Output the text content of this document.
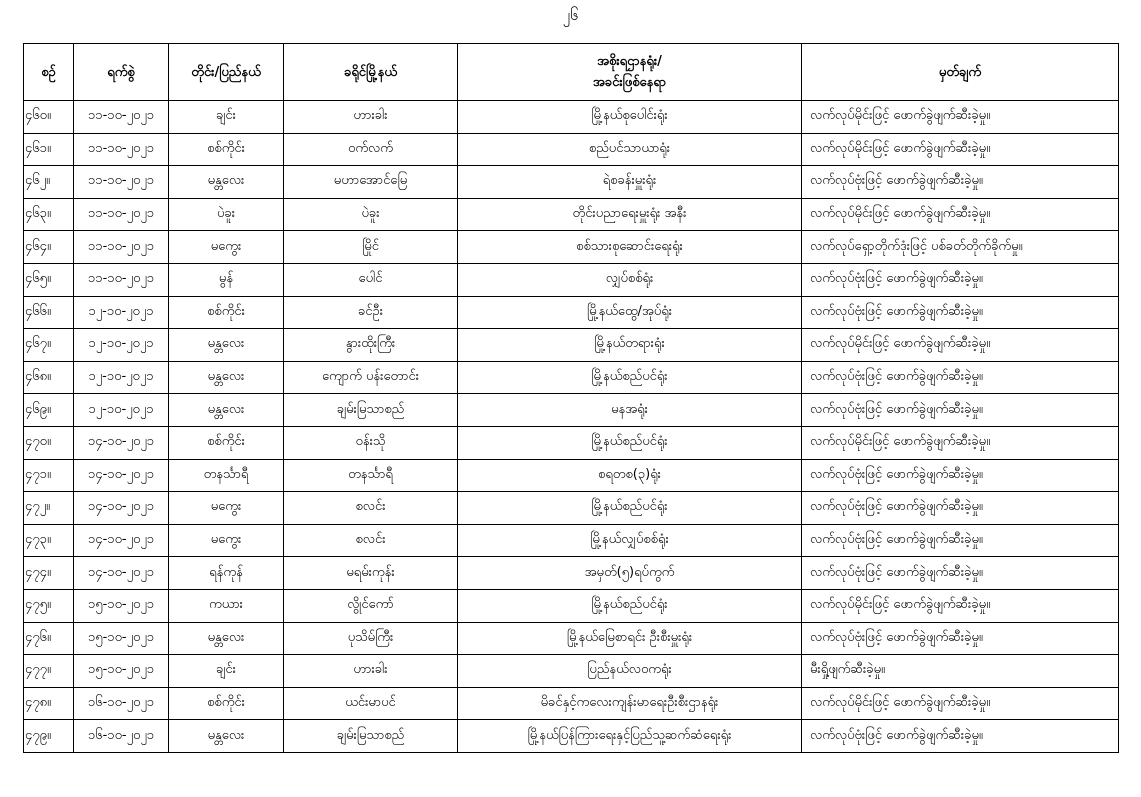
၂၆
စဉ်	ရက်စွဲ	တိုင်း/ပြည်နယ်	ခရိုင်မြို့နယ်	အစိုးရဌာနရုံး/
အခင်းဖြစ်နေရာ	မှတ်ချက်
၄၆၀။	၁၁-၁၀-၂၀၂၁	ချင်း	ဟားခါး	မြို့နယ်စုပေါင်းရုံး	လက်လုပ်မိုင်းဖြင့် ဖောက်ခွဲဖျက်ဆီးခဲ့မှု။
၄၆၁။	၁၁-၁၀-၂၀၂၁	စစ်ကိုင်း	ဝက်လက်	စည်ပင်သာယာရုံး	လက်လုပ်မိုင်းဖြင့် ဖောက်ခွဲဖျက်ဆီးခဲ့မှု။
၄၆၂။	၁၁-၁၀-၂၀၂၁	မန္တလေး	မဟာအောင်မြေ	ရဲစခန်းမှူးရုံး	လက်လုပ်ဗုံးဖြင့် ဖောက်ခွဲဖျက်ဆီးခဲ့မှု။
၄၆၃။	၁၁-၁၀-၂၀၂၁	ပဲခူး	ပဲခူး	တိုင်းပညာရေးမှူးရုံး အနီး	လက်လုပ်မိုင်းဖြင့် ဖောက်ခွဲဖျက်ဆီးခဲ့မှု။
၄၆၄။	၁၁-၁၀-၂၀၂၁	မကွေး	မြိုင်	စစ်သားစုဆောင်းရေးရုံး	လက်လုပ်ရှော့တိုက်ဒုံးဖြင့် ပစ်ခတ်တိုက်ခိုက်မှု။
၄၆၅။	၁၁-၁၀-၂၀၂၁	မွန်	ပေါင်	လျှပ်စစ်ရုံး	လက်လုပ်ဗုံးဖြင့် ဖောက်ခွဲဖျက်ဆီးခဲ့မှု။
၄၆၆။	၁၂-၁၀-၂၀၂၁	စစ်ကိုင်း	ခင်ဦး	မြို့နယ်ထွေ/အုပ်ရုံး	လက်လုပ်ဗုံးဖြင့် ဖောက်ခွဲဖျက်ဆီးခဲ့မှု။
၄၆၇။	၁၂-၁၀-၂၀၂၁	မန္တလေး	နွားထိုးကြီး	မြို့နယ်တရားရုံး	လက်လုပ်မိုင်းဖြင့် ဖောက်ခွဲဖျက်ဆီးခဲ့မှု။
၄၆၈။	၁၂-၁၀-၂၀၂၁	မန္တလေး	ကျောက် ပန်းတောင်း	မြို့နယ်စည်ပင်ရုံး	လက်လုပ်ဗုံးဖြင့် ဖောက်ခွဲဖျက်ဆီးခဲ့မှု။
၄၆၉။	၁၂-၁၀-၂၀၂၁	မန္တလေး	ချမ်းမြသာစည်	မနအရုံး	လက်လုပ်ဗုံးဖြင့် ဖောက်ခွဲဖျက်ဆီးခဲ့မှု။
၄၇၀။	၁၄-၁၀-၂၀၂၁	စစ်ကိုင်း	ဝန်းသို	မြို့နယ်စည်ပင်ရုံး	လက်လုပ်မိုင်းဖြင့် ဖောက်ခွဲဖျက်ဆီးခဲ့မှု။
၄၇၁။	၁၄-၁၀-၂၀၂၁	တနင်္သာရီ	တနင်္သာရီ	စရတစ(၃)ရုံး	လက်လုပ်ဗုံးဖြင့် ဖောက်ခွဲဖျက်ဆီးခဲ့မှု။
၄၇၂။	၁၄-၁၀-၂၀၂၁	မကွေး	စလင်း	မြို့နယ်စည်ပင်ရုံး	လက်လုပ်ဗုံးဖြင့် ဖောက်ခွဲဖျက်ဆီးခဲ့မှု။
၄၇၃။	၁၄-၁၀-၂၀၂၁	မကွေး	စလင်း	မြို့နယ်လျှပ်စစ်ရုံး	လက်လုပ်ဗုံးဖြင့် ဖောက်ခွဲဖျက်ဆီးခဲ့မှု။
၄၇၄။	၁၄-၁၀-၂၀၂၁	ရန်ကုန်	မရမ်းကုန်း	အမှတ်(၅)ရပ်ကွက်	လက်လုပ်ဗုံးဖြင့် ဖောက်ခွဲဖျက်ဆီးခဲ့မှု။
၄၇၅။	၁၅-၁၀-၂၀၂၁	ကယား	လွိုင်ကော်	မြို့နယ်စည်ပင်ရုံး	လက်လုပ်မိုင်းဖြင့် ဖောက်ခွဲဖျက်ဆီးခဲ့မှု။
၄၇၆။	၁၅-၁၀-၂၀၂၁	မန္တလေး	ပုသိမ်ကြီး	မြို့နယ်မြေစာရင်း ဦးစီးမှူးရုံး	လက်လုပ်ဗုံးဖြင့် ဖောက်ခွဲဖျက်ဆီးခဲ့မှု။
၄၇၇။	၁၅-၁၀-၂၀၂၁	ချင်း	ဟားခါး	ပြည်နယ်လဝကရုံး	မီးရှို့ဖျက်ဆီးခဲ့မှု။
၄၇၈။	၁၆-၁၀-၂၀၂၁	စစ်ကိုင်း	ယင်းမာပင်	မိခင်နှင့်ကလေးကျန်းမာရေးဦးစီးဌာနရုံး	လက်လုပ်မိုင်းဖြင့် ဖောက်ခွဲဖျက်ဆီးခဲ့မှု။
၄၇၉။	၁၆-၁၀-၂၀၂၁	မန္တလေး	ချမ်းမြသာစည်	မြို့နယ်ပြန်ကြားရေးနှင့်ပြည်သူ့ဆက်ဆံရေးရုံး	လက်လုပ်ဗုံးဖြင့် ဖောက်ခွဲဖျက်ဆီးခဲ့မှု။
